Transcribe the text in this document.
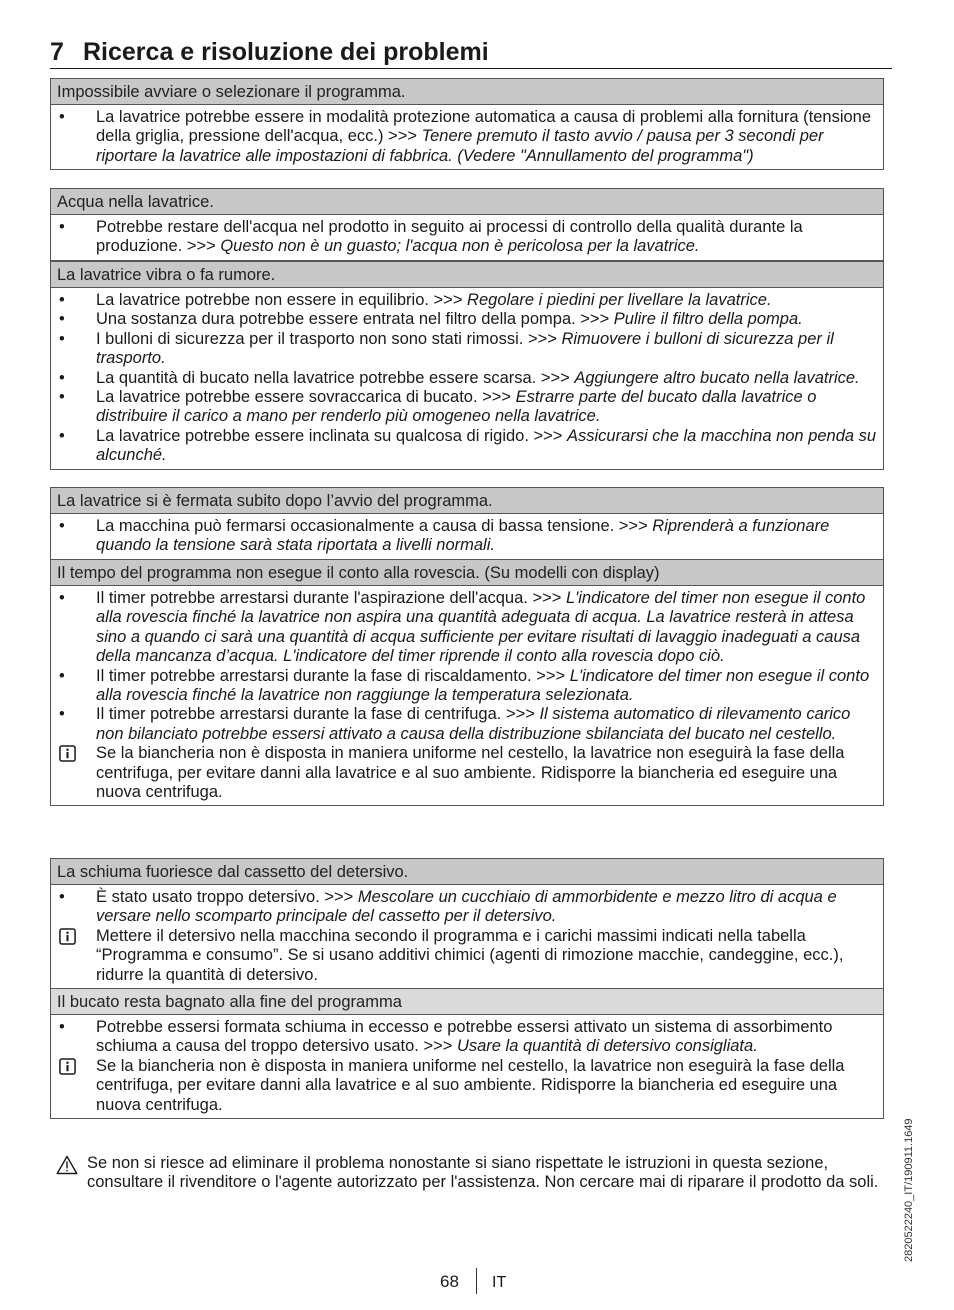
7 Ricerca e risoluzione dei problemi
Impossibile avviare o selezionare il programma.
•	La lavatrice potrebbe essere in modalità protezione automatica a causa di problemi alla fornitura (tensione della griglia, pressione dell'acqua, ecc.) >>> Tenere premuto il tasto avvio / pausa per 3 secondi per riportare la lavatrice alle impostazioni di fabbrica. (Vedere "Annullamento del programma")
Acqua nella lavatrice.
•	Potrebbe restare dell'acqua nel prodotto in seguito ai processi di controllo della qualità durante la produzione. >>> Questo non è un guasto; l'acqua non è pericolosa per la lavatrice.
La lavatrice vibra o fa rumore.
•	La lavatrice potrebbe non essere in equilibrio. >>> Regolare i piedini per livellare la lavatrice.
•	Una sostanza dura potrebbe essere entrata nel filtro della pompa. >>> Pulire il filtro della pompa.
•	I bulloni di sicurezza per il trasporto non sono stati rimossi. >>> Rimuovere i bulloni di sicurezza per il trasporto.
•	La quantità di bucato nella lavatrice potrebbe essere scarsa. >>> Aggiungere altro bucato nella lavatrice.
•	La lavatrice potrebbe essere sovraccarica di bucato. >>> Estrarre parte del bucato dalla lavatrice o distribuire il carico a mano per renderlo più omogeneo nella lavatrice.
•	La lavatrice potrebbe essere inclinata su qualcosa di rigido. >>> Assicurarsi che la macchina non penda su alcunché.
La lavatrice si è fermata subito dopo l’avvio del programma.
•	La macchina può fermarsi occasionalmente a causa di bassa tensione. >>> Riprenderà a funzionare quando la tensione sarà stata riportata a livelli normali.
Il tempo del programma non esegue il conto alla rovescia. (Su modelli con display)
•	Il timer potrebbe arrestarsi durante l'aspirazione dell'acqua. >>> L'indicatore del timer non esegue il conto alla rovescia finché la lavatrice non aspira una quantità adeguata di acqua. La lavatrice resterà in attesa sino a quando ci sarà una quantità di acqua sufficiente per evitare risultati di lavaggio inadeguati a causa della mancanza d’acqua. L'indicatore del timer riprende il conto alla rovescia dopo ciò.
•	Il timer potrebbe arrestarsi durante la fase di riscaldamento. >>> L'indicatore del timer non esegue il conto alla rovescia finché la lavatrice non raggiunge la temperatura selezionata.
•	Il timer potrebbe arrestarsi durante la fase di centrifuga. >>> Il sistema automatico di rilevamento carico non bilanciato potrebbe essersi attivato a causa della distribuzione sbilanciata del bucato nel cestello.
Se la biancheria non è disposta in maniera uniforme nel cestello, la lavatrice non eseguirà la fase della centrifuga, per evitare danni alla lavatrice e al suo ambiente. Ridisporre la biancheria ed eseguire una nuova centrifuga.
La schiuma fuoriesce dal cassetto del detersivo.
•	È stato usato troppo detersivo. >>> Mescolare un cucchiaio di ammorbidente e mezzo litro di acqua e versare nello scomparto principale del cassetto per il detersivo.
Mettere il detersivo nella macchina secondo il programma e i carichi massimi indicati nella tabella “Programma e consumo”. Se si usano additivi chimici (agenti di rimozione macchie, candeggine, ecc.), ridurre la quantità di detersivo.
Il bucato resta bagnato alla fine del programma
•	Potrebbe essersi formata schiuma in eccesso e potrebbe essersi attivato un sistema di assorbimento schiuma a causa del troppo detersivo usato. >>> Usare la quantità di detersivo consigliata.
Se la biancheria non è disposta in maniera uniforme nel cestello, la lavatrice non eseguirà la fase della centrifuga, per evitare danni alla lavatrice e al suo ambiente. Ridisporre la biancheria ed eseguire una nuova centrifuga.
Se non si riesce ad eliminare il problema nonostante si siano rispettate le istruzioni in questa sezione, consultare il rivenditore o l'agente autorizzato per l'assistenza. Non cercare mai di riparare il prodotto da soli.
68 IT
2820522240_IT/190911.1649
